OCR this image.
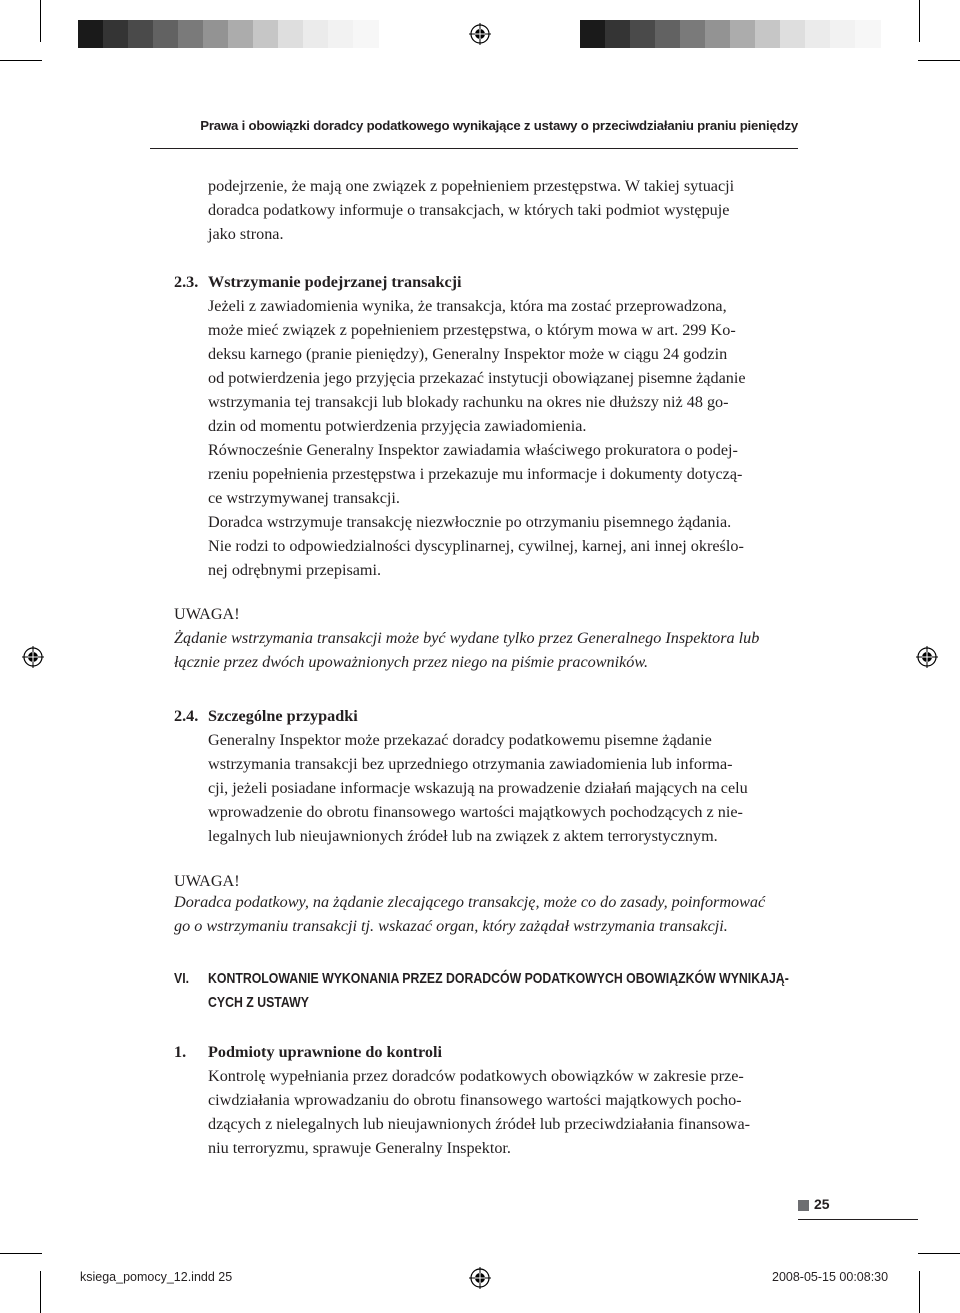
Prawa i obowiązki doradcy podatkowego wynikające z ustawy o przeciwdziałaniu praniu pieniędzy
podejrzenie, że mają one związek z popełnieniem przestępstwa. W takiej sytuacji
doradca podatkowy informuje o transakcjach, w których taki podmiot występuje
jako strona.
2.3. Wstrzymanie podejrzanej transakcji
Jeżeli z zawiadomienia wynika, że transakcja, która ma zostać przeprowadzona,
może mieć związek z popełnieniem przestępstwa, o którym mowa w art. 299 Ko-
deksu karnego (pranie pieniędzy), Generalny Inspektor może w ciągu 24 godzin
od potwierdzenia jego przyjęcia przekazać instytucji obowiązanej pisemne żądanie
wstrzymania tej transakcji lub blokady rachunku na okres nie dłuższy niż 48 go-
dzin od momentu potwierdzenia przyjęcia zawiadomienia.
Równocześnie Generalny Inspektor zawiadamia właściwego prokuratora o podej-
rzeniu popełnienia przestępstwa i przekazuje mu informacje i dokumenty dotyczą-
ce wstrzymywanej transakcji.
Doradca wstrzymuje transakcję niezwłocznie po otrzymaniu pisemnego żądania.
Nie rodzi to odpowiedzialności dyscyplinarnej, cywilnej, karnej, ani innej określo-
nej odrębnymi przepisami.
UWAGA!
Żądanie wstrzymania transakcji może być wydane tylko przez Generalnego Inspektora lub
łącznie przez dwóch upoważnionych przez niego na piśmie pracowników.
2.4. Szczególne przypadki
Generalny Inspektor może przekazać doradcy podatkowemu pisemne żądanie
wstrzymania transakcji bez uprzedniego otrzymania zawiadomienia lub informa-
cji, jeżeli posiadane informacje wskazują na prowadzenie działań mających na celu
wprowadzenie do obrotu finansowego wartości majątkowych pochodzących z nie-
legalnych lub nieujawnionych źródeł lub na związek z aktem terrorystycznym.
UWAGA!
Doradca podatkowy, na żądanie zlecającego transakcję, może co do zasady, poinformować
go o wstrzymaniu transakcji tj. wskazać organ, który zażądał wstrzymania transakcji.
VI. KONTROLOWANIE WYKONANIA PRZEZ DORADCÓW PODATKOWYCH OBOWIĄZKÓW WYNIKAJĄ-
CYCH Z USTAWY
1. Podmioty uprawnione do kontroli
Kontrolę wypełniania przez doradców podatkowych obowiązków w zakresie prze-
ciwdziałania wprowadzaniu do obrotu finansowego wartości majątkowych pocho-
dzących z nielegalnych lub nieujawnionych źródeł lub przeciwdziałania finansowa-
niu terroryzmu, sprawuje Generalny Inspektor.
25
ksiega_pomocy_12.indd 25	2008-05-15 00:08:30
